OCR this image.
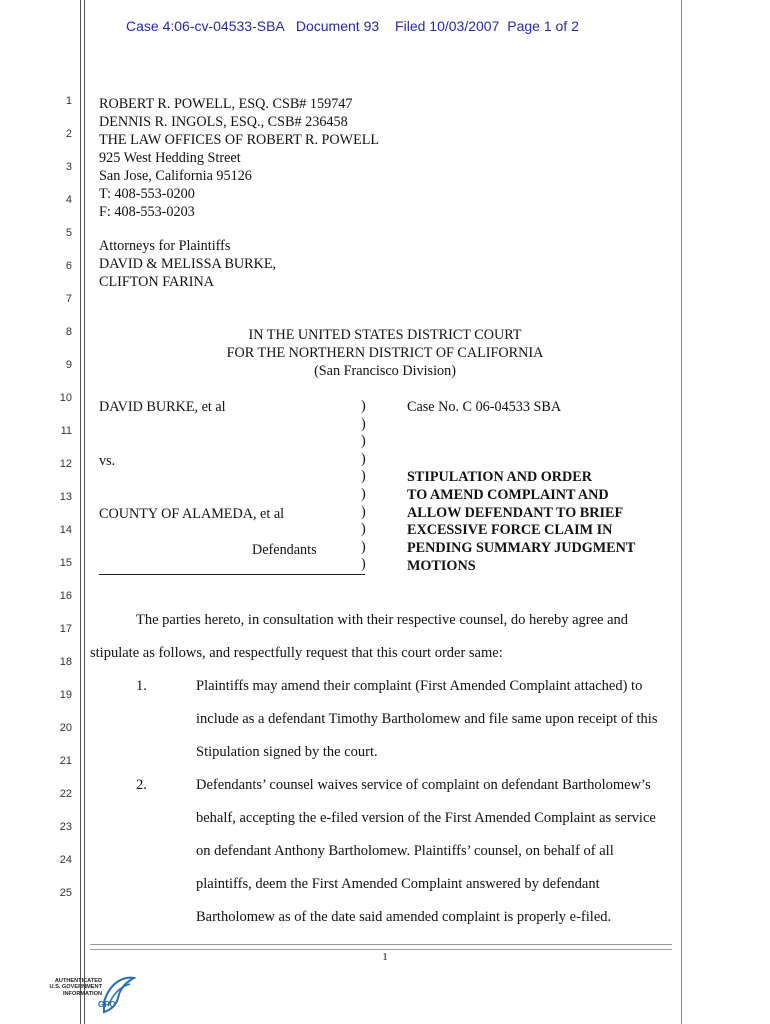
Case 4:06-cv-04533-SBA Document 93 Filed 10/03/2007 Page 1 of 2
1
2
3
4
5
6
7
8
9
10
11
12
13
14
15
16
17
18
19
20
21
22
23
24
25
ROBERT R. POWELL, ESQ. CSB# 159747
DENNIS R. INGOLS, ESQ., CSB# 236458
THE LAW OFFICES OF ROBERT R. POWELL
925 West Hedding Street
San Jose, California 95126
T: 408-553-0200
F: 408-553-0203
Attorneys for Plaintiffs
DAVID & MELISSA BURKE,
CLIFTON FARINA
IN THE UNITED STATES DISTRICT COURT
FOR THE NORTHERN DISTRICT OF CALIFORNIA
(San Francisco Division)
DAVID BURKE, et al
vs.
COUNTY OF ALAMEDA, et al
Defendants
)
)
)
)
)
)
)
)
)
)
Case No. C 06-04533 SBA
STIPULATION AND ORDER
TO AMEND COMPLAINT AND
ALLOW DEFENDANT TO BRIEF
EXCESSIVE FORCE CLAIM IN
PENDING SUMMARY JUDGMENT
MOTIONS
The parties hereto, in consultation with their respective counsel, do hereby agree and
stipulate as follows, and respectfully request that this court order same:
1.	Plaintiffs may amend their complaint (First Amended Complaint attached) to
include as a defendant Timothy Bartholomew and file same upon receipt of this
Stipulation signed by the court.
2.	Defendants’ counsel waives service of complaint on defendant Bartholomew’s
behalf, accepting the e-filed version of the First Amended Complaint as service
on defendant Anthony Bartholomew. Plaintiffs’ counsel, on behalf of all
plaintiffs, deem the First Amended Complaint answered by defendant
Bartholomew as of the date said amended complaint is properly e-filed.
1
AUTHENTICATED
U.S. GOVERNMENT
INFORMATION
GPO
